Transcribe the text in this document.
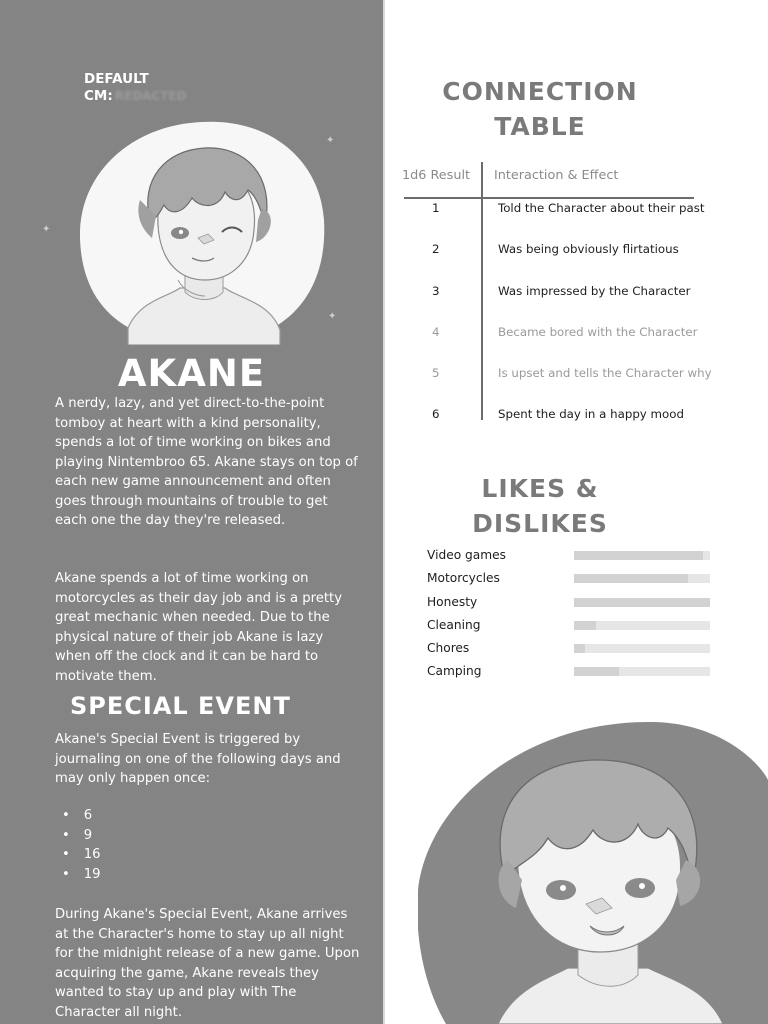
DEFAULT
CM: REDACTED
✦
✦
✦
AKANE

A nerdy, lazy, and yet direct-to-the-point tomboy at heart with a kind personality, spends a lot of time working on bikes and playing Nintembroo 65. Akane stays on top of each new game announcement and often goes through mountains of trouble to get each one the day they're released.

Akane spends a lot of time working on motorcycles as their day job and is a pretty great mechanic when needed. Due to the physical nature of their job Akane is lazy when off the clock and it can be hard to motivate them.

SPECIAL EVENT

Akane's Special Event is triggered by journaling on one of the following days and may only happen once:

• 6
• 9
• 16
• 19

During Akane's Special Event, Akane arrives at the Character's home to stay up all night for the midnight release of a new game. Upon acquiring the game, Akane reveals they wanted to stay up and play with The Character all night.

CONNECTION
TABLE
1d6 Result Interaction & Effect
1	Told the Character about their past
2	Was being obviously flirtatious
3	Was impressed by the Character
4	Became bored with the Character
5	Is upset and tells the Character why
6	Spent the day in a happy mood
LIKES &
DISLIKES
Video games
Motorcycles
Honesty
Cleaning
Chores
Camping
